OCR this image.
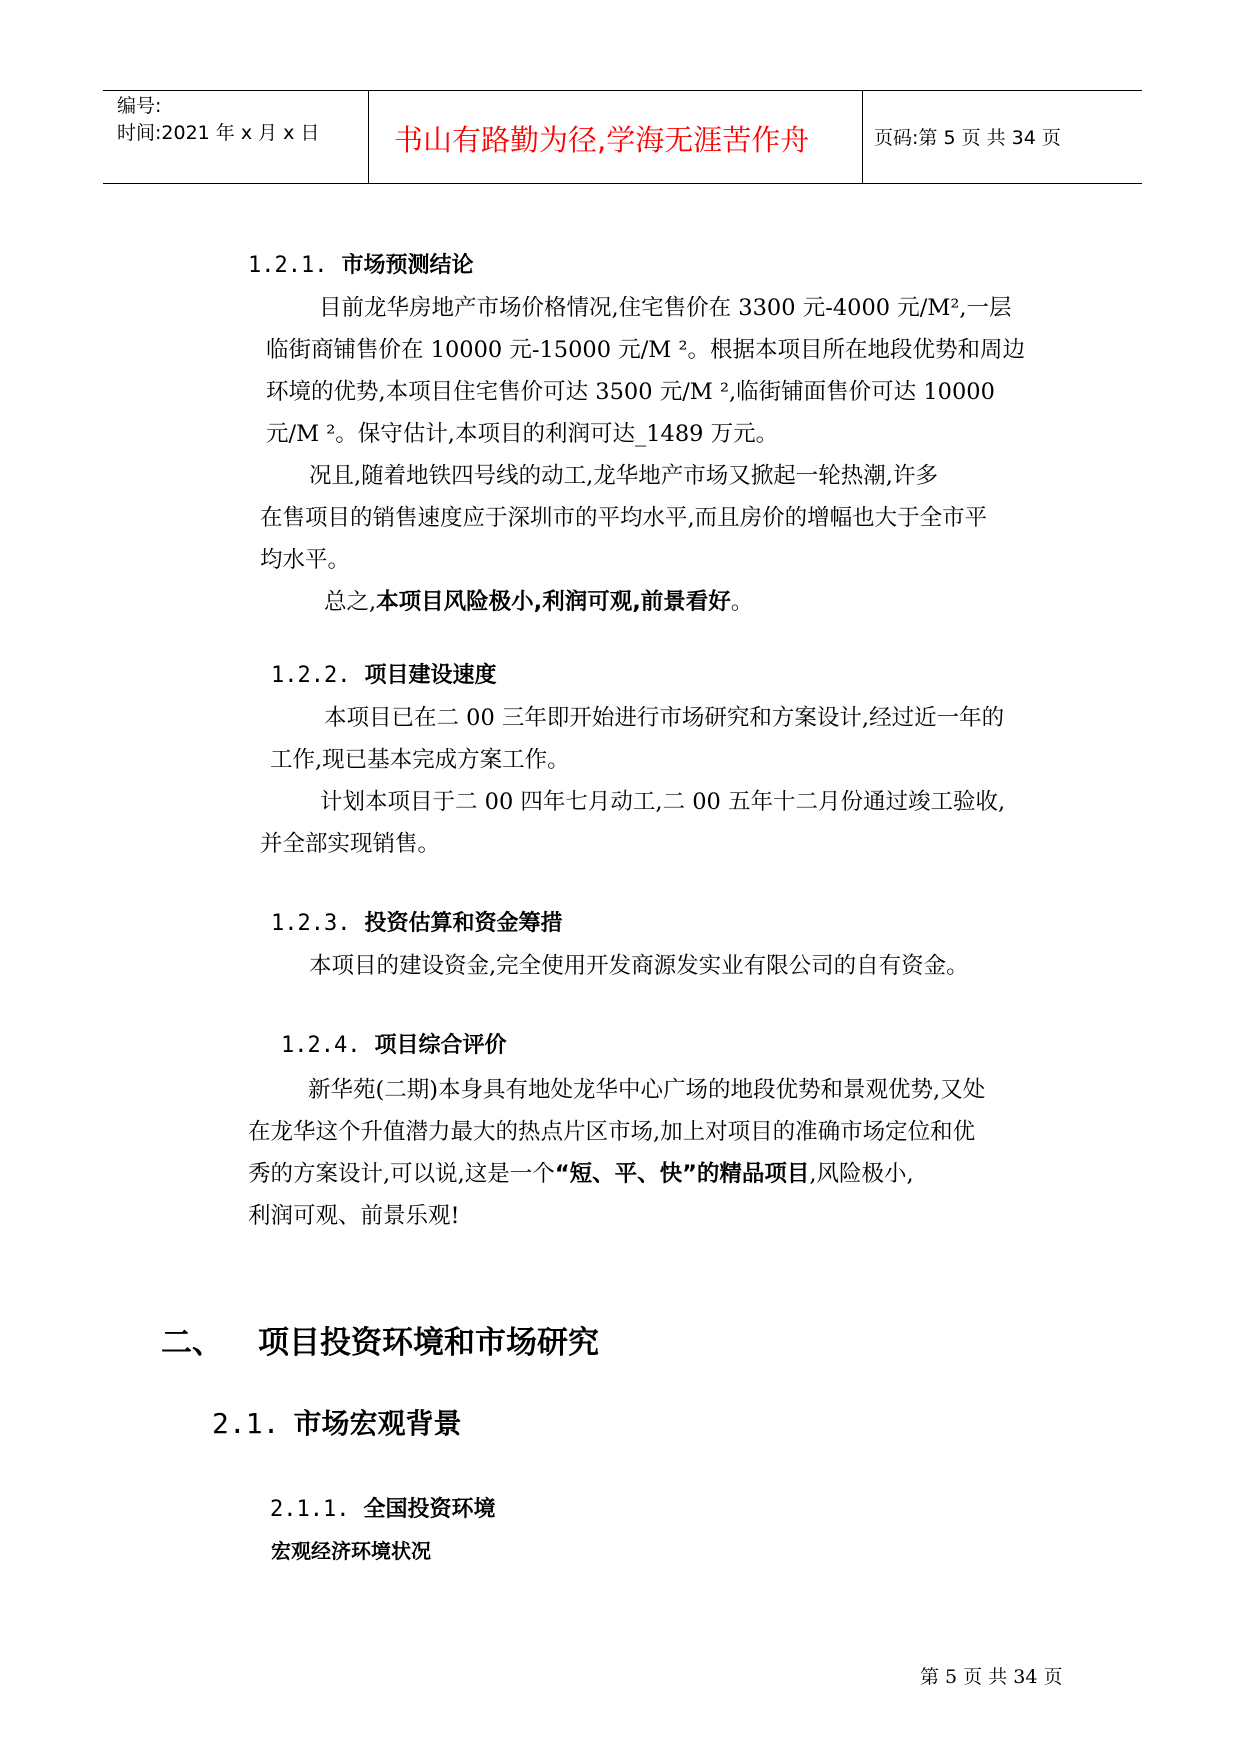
编号:
时间:2021 年 x 月 x 日	书山有路勤为径,学海无涯苦作舟	页码:第 5 页 共 34 页
1.2.1. 市场预测结论
目前龙华房地产市场价格情况,住宅售价在 3300 元-4000 元/M²,一层
临街商铺售价在 10000 元-15000 元/M ²。根据本项目所在地段优势和周边
环境的优势,本项目住宅售价可达 3500 元/M ²,临街铺面售价可达 10000
元/M ²。保守估计,本项目的利润可达_1489 万元。
况且,随着地铁四号线的动工,龙华地产市场又掀起一轮热潮,许多
在售项目的销售速度应于深圳市的平均水平,而且房价的增幅也大于全市平
均水平。
总之,本项目风险极小,利润可观,前景看好。
1.2.2. 项目建设速度
本项目已在二 00 三年即开始进行市场研究和方案设计,经过近一年的
工作,现已基本完成方案工作。
计划本项目于二 00 四年七月动工,二 00 五年十二月份通过竣工验收,
并全部实现销售。
1.2.3. 投资估算和资金筹措
本项目的建设资金,完全使用开发商源发实业有限公司的自有资金。
1.2.4. 项目综合评价
新华苑(二期)本身具有地处龙华中心广场的地段优势和景观优势,又处
在龙华这个升值潜力最大的热点片区市场,加上对项目的准确市场定位和优
秀的方案设计,可以说,这是一个“短、平、快”的精品项目,风险极小,
利润可观、前景乐观!
二、 项目投资环境和市场研究
2.1. 市场宏观背景
2.1.1. 全国投资环境
宏观经济环境状况
第 5 页 共 34 页
